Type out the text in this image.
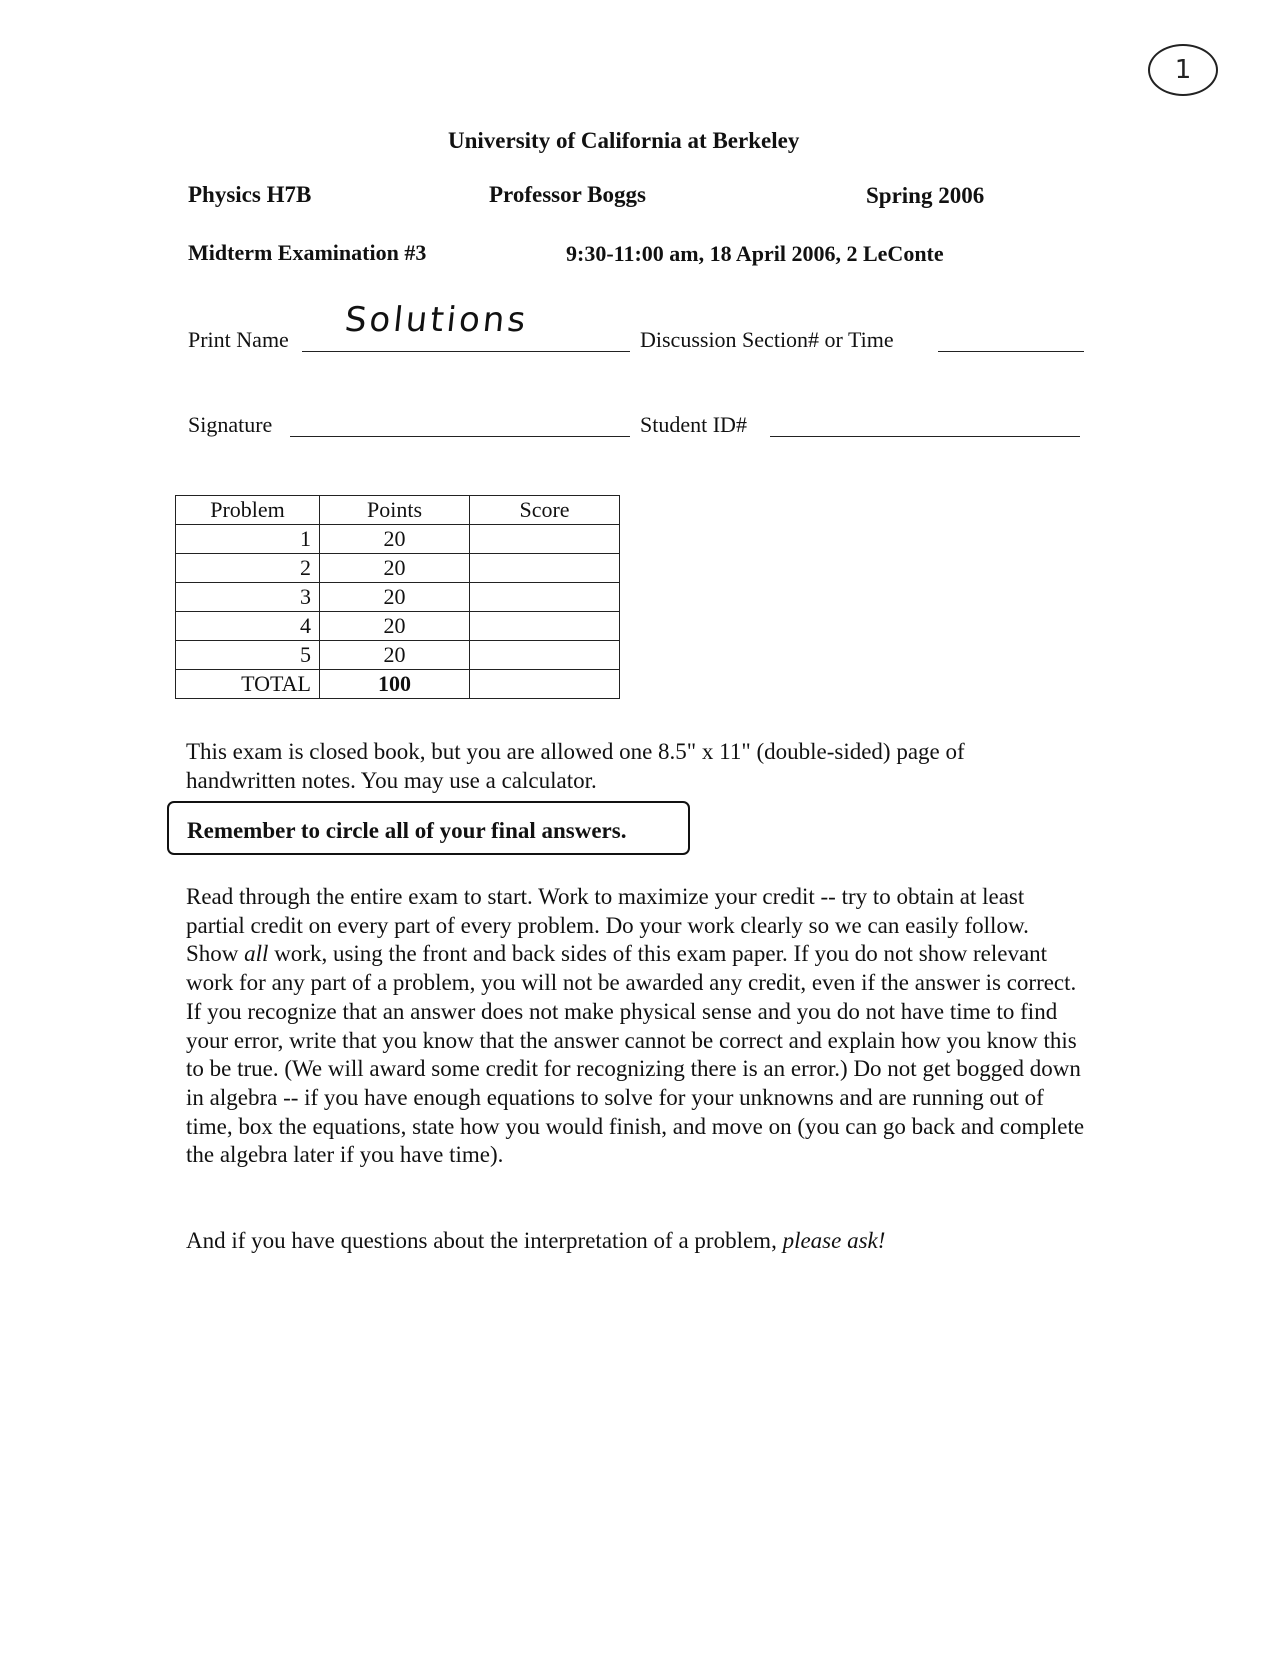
1
University of California at Berkeley
Physics H7B	Professor Boggs	Spring 2006
Midterm Examination #3	9:30-11:00 am, 18 April 2006, 2 LeConte
Print Name Solutions	Discussion Section# or Time
Signature	Student ID#
Problem	Points	Score
1	20	
2	20	
3	20	
4	20	
5	20	
TOTAL	100	
This exam is closed book, but you are allowed one 8.5" x 11" (double-sided) page of handwritten notes. You may use a calculator.
Remember to circle all of your final answers.
Read through the entire exam to start. Work to maximize your credit -- try to obtain at least partial credit on every part of every problem. Do your work clearly so we can easily follow. Show all work, using the front and back sides of this exam paper. If you do not show relevant work for any part of a problem, you will not be awarded any credit, even if the answer is correct. If you recognize that an answer does not make physical sense and you do not have time to find your error, write that you know that the answer cannot be correct and explain how you know this to be true. (We will award some credit for recognizing there is an error.) Do not get bogged down in algebra -- if you have enough equations to solve for your unknowns and are running out of time, box the equations, state how you would finish, and move on (you can go back and complete the algebra later if you have time).
And if you have questions about the interpretation of a problem, please ask!
